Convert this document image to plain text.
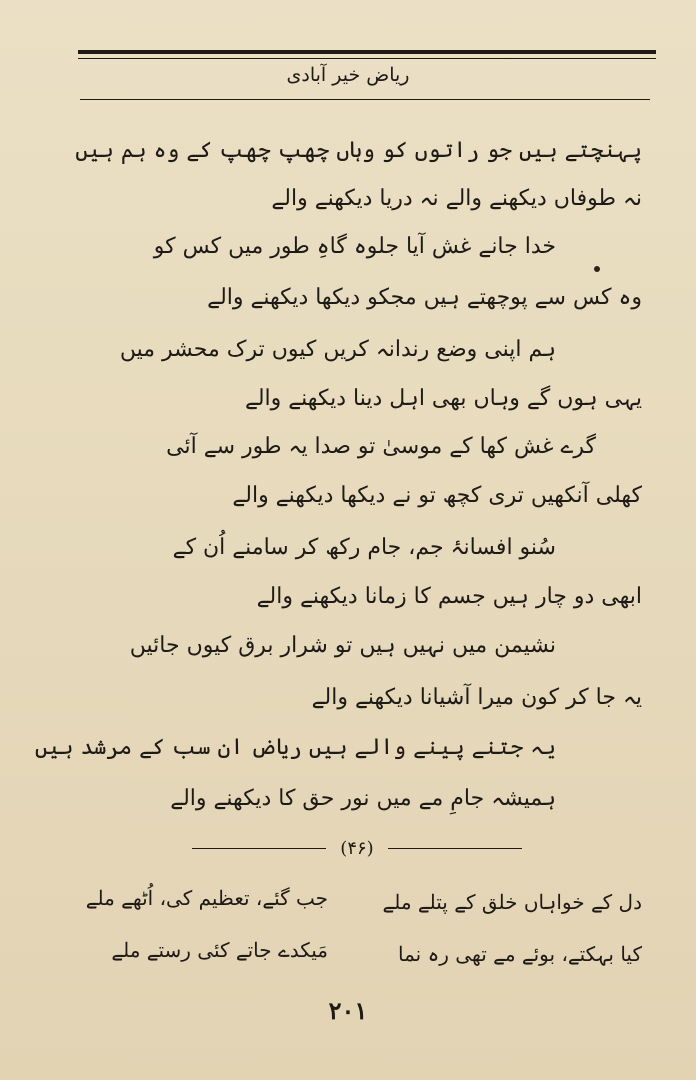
ریاض خیر آبادی
پہنچتے ہیں جو راتوں کو وہاں چھپ چھپ کے وہ ہم ہیں
نہ طوفاں دیکھنے والے نہ دریا دیکھنے والے
خدا جانے غش آیا جلوہ گاہِ طور میں کس کو
وہ کس سے پوچھتے ہیں مجکو دیکھا دیکھنے والے
ہم اپنی وضع رندانہ کریں کیوں ترک محشر میں
یہی ہوں گے وہاں بھی اہل دینا دیکھنے والے
گرے غش کھا کے موسیٰ تو صدا یہ طور سے آئی
کھلی آنکھیں تری کچھ تو نے دیکھا دیکھنے والے
سُنو افسانۂ جم، جام رکھ کر سامنے اُن کے
ابھی دو چار ہیں جسم کا زمانا دیکھنے والے
نشیمن میں نہیں ہیں تو شرار برق کیوں جائیں
یہ جا کر کون میرا آشیانا دیکھنے والے
یہ جتنے پینے والے ہیں ریاض ان سب کے مرشد ہیں
ہمیشہ جامِ مے میں نور حق کا دیکھنے والے
(۴۶)
دل کے خواہاں خلق کے پتلے ملے
جب گئے، تعظیم کی، اُٹھے ملے
کیا بہکتے، بوئے مے تھی رہ نما
مَیکدے جاتے کئی رستے ملے
۲۰۱
